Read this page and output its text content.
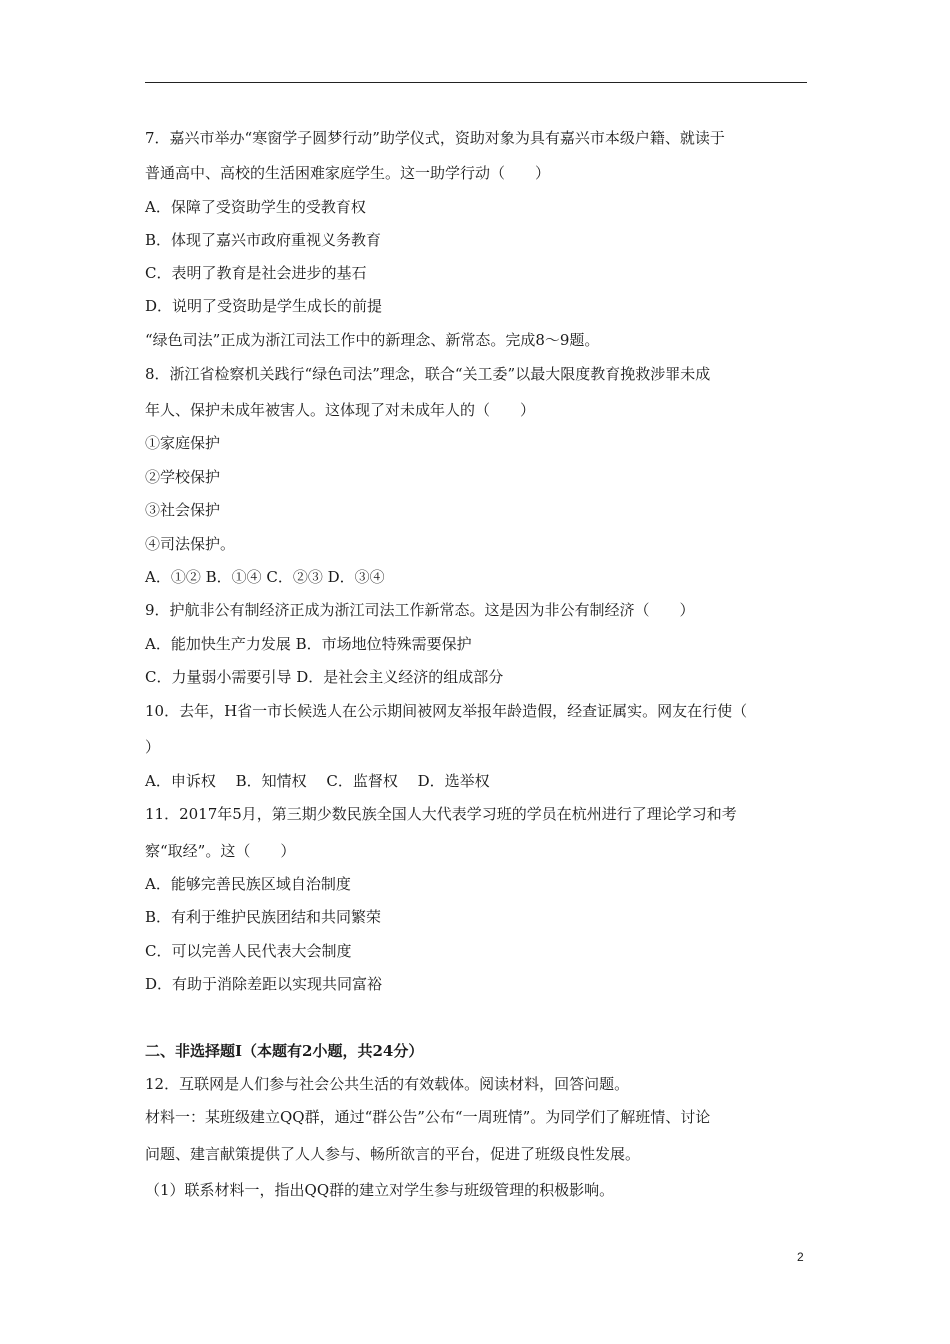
7．嘉兴市举办“寒窗学子圆梦行动”助学仪式，资助对象为具有嘉兴市本级户籍、就读于
普通高中、高校的生活困难家庭学生。这一助学行动（　　）
A．保障了受资助学生的受教育权
B．体现了嘉兴市政府重视义务教育
C．表明了教育是社会进步的基石
D．说明了受资助是学生成长的前提
“绿色司法”正成为浙江司法工作中的新理念、新常态。完成8～9题。
8．浙江省检察机关践行“绿色司法”理念，联合“关工委”以最大限度教育挽救涉罪未成
年人、保护未成年被害人。这体现了对未成年人的（　　）
①家庭保护
②学校保护
③社会保护
④司法保护。
A．①② B．①④ C．②③ D．③④
9．护航非公有制经济正成为浙江司法工作新常态。这是因为非公有制经济（　　）
A．能加快生产力发展 B．市场地位特殊需要保护
C．力量弱小需要引导 D．是社会主义经济的组成部分
10．去年，H省一市长候选人在公示期间被网友举报年龄造假，经查证属实。网友在行使（
）
A．申诉权　 B．知情权　 C．监督权　 D．选举权
11．2017年5月，第三期少数民族全国人大代表学习班的学员在杭州进行了理论学习和考
察“取经”。这（　　）
A．能够完善民族区域自治制度
B．有利于维护民族团结和共同繁荣
C．可以完善人民代表大会制度
D．有助于消除差距以实现共同富裕
二、非选择题Ⅰ（本题有2小题，共24分）
12．互联网是人们参与社会公共生活的有效载体。阅读材料，回答问题。
材料一：某班级建立QQ群，通过“群公告”公布“一周班情”。为同学们了解班情、讨论
问题、建言献策提供了人人参与、畅所欲言的平台，促进了班级良性发展。
（1）联系材料一，指出QQ群的建立对学生参与班级管理的积极影响。
2
